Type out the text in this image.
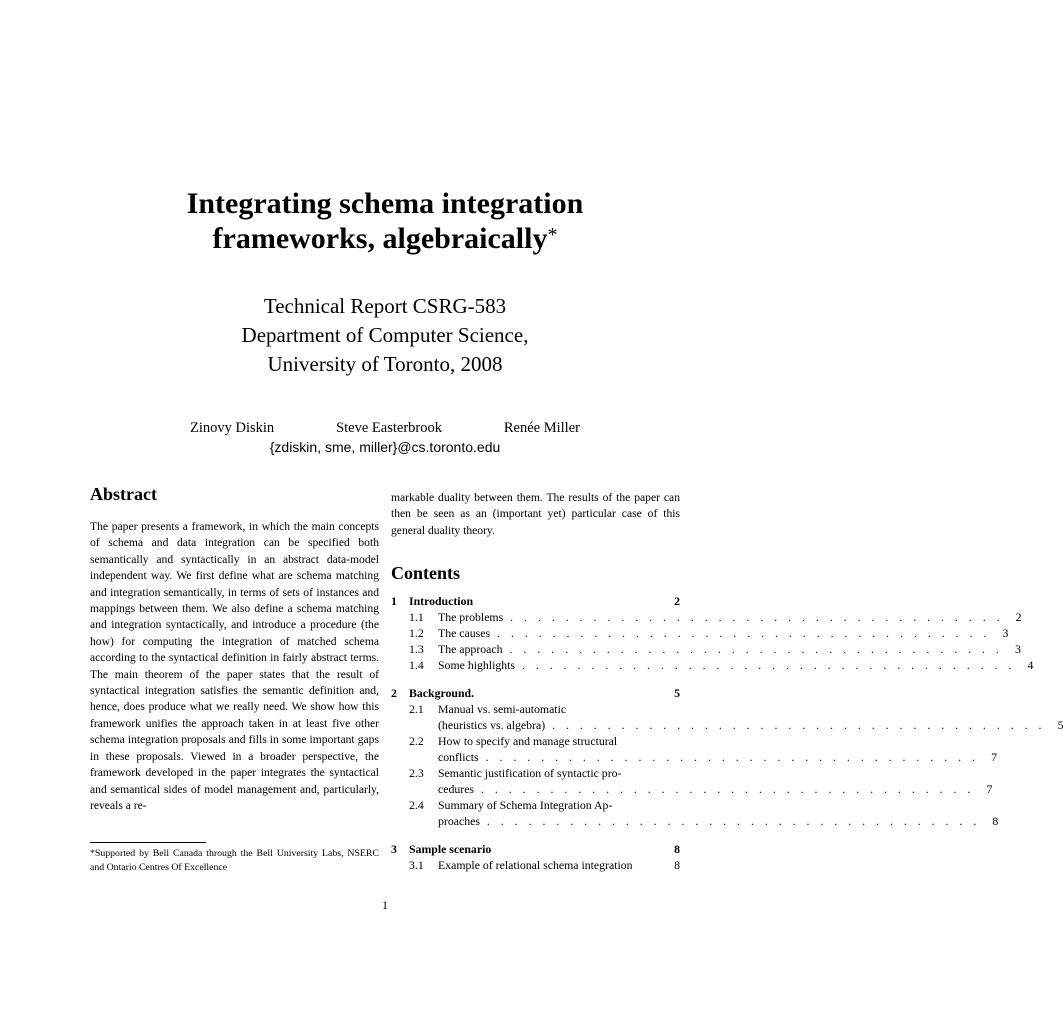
Integrating schema integration
frameworks, algebraically*
Technical Report CSRG-583
Department of Computer Science,
University of Toronto, 2008
Zinovy Diskin	Steve Easterbrook	Renée Miller
{zdiskin, sme, miller}@cs.toronto.edu
Abstract

The paper presents a framework, in which the main concepts of schema and data integration can be specified both semantically and syntactically in an abstract data-model independent way. We first define what are schema matching and integration semantically, in terms of sets of instances and mappings between them. We also define a schema matching and integration syntactically, and introduce a procedure (the how) for computing the integration of matched schema according to the syntactical definition in fairly abstract terms. The main theorem of the paper states that the result of syntactical integration satisfies the semantic definition and, hence, does produce what we really need. We show how this framework unifies the approach taken in at least five other schema integration proposals and fills in some important gaps in these proposals. Viewed in a broader perspective, the framework developed in the paper integrates the syntactical and semantical sides of model management and, particularly, reveals a re-

markable duality between them. The results of the paper can then be seen as an (important yet) particular case of this general duality theory.

Contents
1	Introduction	2
1.1	The problems . . . . . . . . . . . . . . . . . . . . . . . . . . . . . . . . . . . .	2
1.2	The causes . . . . . . . . . . . . . . . . . . . . . . . . . . . . . . . . . . . .	3
1.3	The approach . . . . . . . . . . . . . . . . . . . . . . . . . . . . . . . . . . . .	3
1.4	Some highlights . . . . . . . . . . . . . . . . . . . . . . . . . . . . . . . . . . . .	4
2	Background.	5
2.1	Manual vs. semi-automatic
(heuristics vs. algebra) . . . . . . . . . . . . . . . . . . . . . . . . . . . . . . . . . . . .	5
2.2	How to specify and manage structural
conflicts . . . . . . . . . . . . . . . . . . . . . . . . . . . . . . . . . . . .	7
2.3	Semantic justification of syntactic pro-
cedures . . . . . . . . . . . . . . . . . . . . . . . . . . . . . . . . . . . .	7
2.4	Summary of Schema Integration Ap-
proaches . . . . . . . . . . . . . . . . . . . . . . . . . . . . . . . . . . . .	8
3	Sample scenario	8
3.1	Example of relational schema integration	8
*Supported by Bell Canada through the Bell University Labs, NSERC and Ontario Centres Of Excellence
1
